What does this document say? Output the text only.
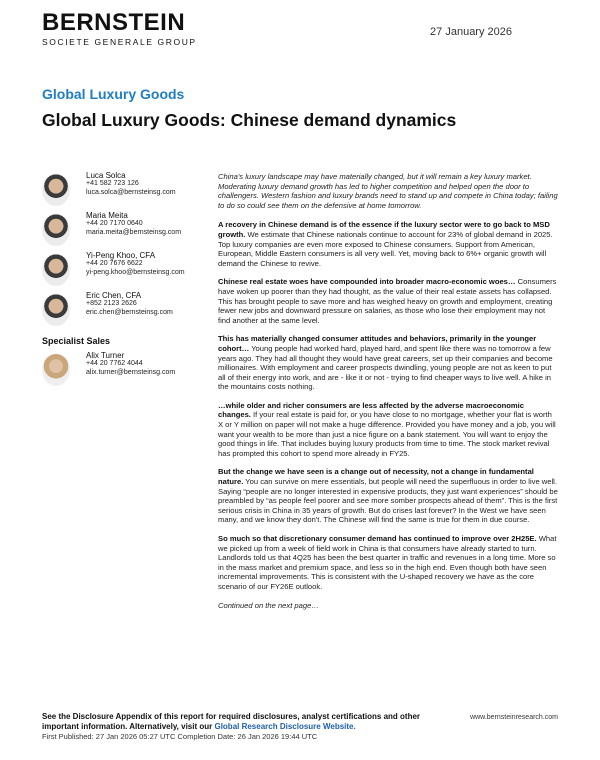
BERNSTEIN
SOCIETE GENERALE GROUP
27 January 2026
Global Luxury Goods
Global Luxury Goods: Chinese demand dynamics
Luca Solca
+41 582 723 126
luca.solca@bernsteinsg.com
Maria Meita
+44 20 7170 0640
maria.meita@bernsteinsg.com
Yi-Peng Khoo, CFA
+44 20 7676 6622
yi-peng.khoo@bernsteinsg.com
Eric Chen, CFA
+852 2123 2626
eric.chen@bernsteinsg.com
Specialist Sales
Alix Turner
+44 20 7762 4044
alix.turner@bernsteinsg.com

China's luxury landscape may have materially changed, but it will remain a key luxury market. Moderating luxury demand growth has led to higher competition and helped open the door to challengers. Western fashion and luxury brands need to stand up and compete in China today; failing to do so could see them on the defensive at home tomorrow.

A recovery in Chinese demand is of the essence if the luxury sector were to go back to MSD growth. We estimate that Chinese nationals continue to account for 23% of global demand in 2025. Top luxury companies are even more exposed to Chinese consumers. Support from American, European, Middle Eastern consumers is all very well. Yet, moving back to 6%+ organic growth will demand the Chinese to revive.

Chinese real estate woes have compounded into broader macro-economic woes… Consumers have woken up poorer than they had thought, as the value of their real estate assets has collapsed. This has brought people to save more and has weighed heavy on growth and employment, creating fewer new jobs and downward pressure on salaries, as those who lose their employment may not find another at the same level.

This has materially changed consumer attitudes and behaviors, primarily in the younger cohort… Young people had worked hard, played hard, and spent like there was no tomorrow a few years ago. They had all thought they would have great careers, set up their companies and become millionaires. With employment and career prospects dwindling, young people are not as keen to put all of their energy into work, and are - like it or not - trying to find cheaper ways to live well. A hike in the mountains costs nothing.

…while older and richer consumers are less affected by the adverse macroeconomic changes. If your real estate is paid for, or you have close to no mortgage, whether your flat is worth X or Y million on paper will not make a huge difference. Provided you have money and a job, you will want your wealth to be more than just a nice figure on a bank statement. You will want to enjoy the good things in life. That includes buying luxury products from time to time. The stock market revival has prompted this cohort to spend more already in FY25.

But the change we have seen is a change out of necessity, not a change in fundamental nature. You can survive on mere essentials, but people will need the superfluous in order to live well. Saying “people are no longer interested in expensive products, they just want experiences” should be preambled by “as people feel poorer and see more somber prospects ahead of them”. This is the first serious crisis in China in 35 years of growth. But do crises last forever? In the West we have seen many, and we know they don't. The Chinese will find the same is true for them in due course.

So much so that discretionary consumer demand has continued to improve over 2H25E. What we picked up from a week of field work in China is that consumers have already started to turn. Landlords told us that 4Q25 has been the best quarter in traffic and revenues in a long time. More so in the mass market and premium space, and less so in the high end. Even though both have seen incremental improvements. This is consistent with the U-shaped recovery we have as the core scenario of our FY26E outlook.

Continued on the next page…
See the Disclosure Appendix of this report for required disclosures, analyst certifications and other
important information. Alternatively, visit our Global Research Disclosure Website.
First Published: 27 Jan 2026 05:27 UTC Completion Date: 26 Jan 2026 19:44 UTC
www.bernsteinresearch.com
